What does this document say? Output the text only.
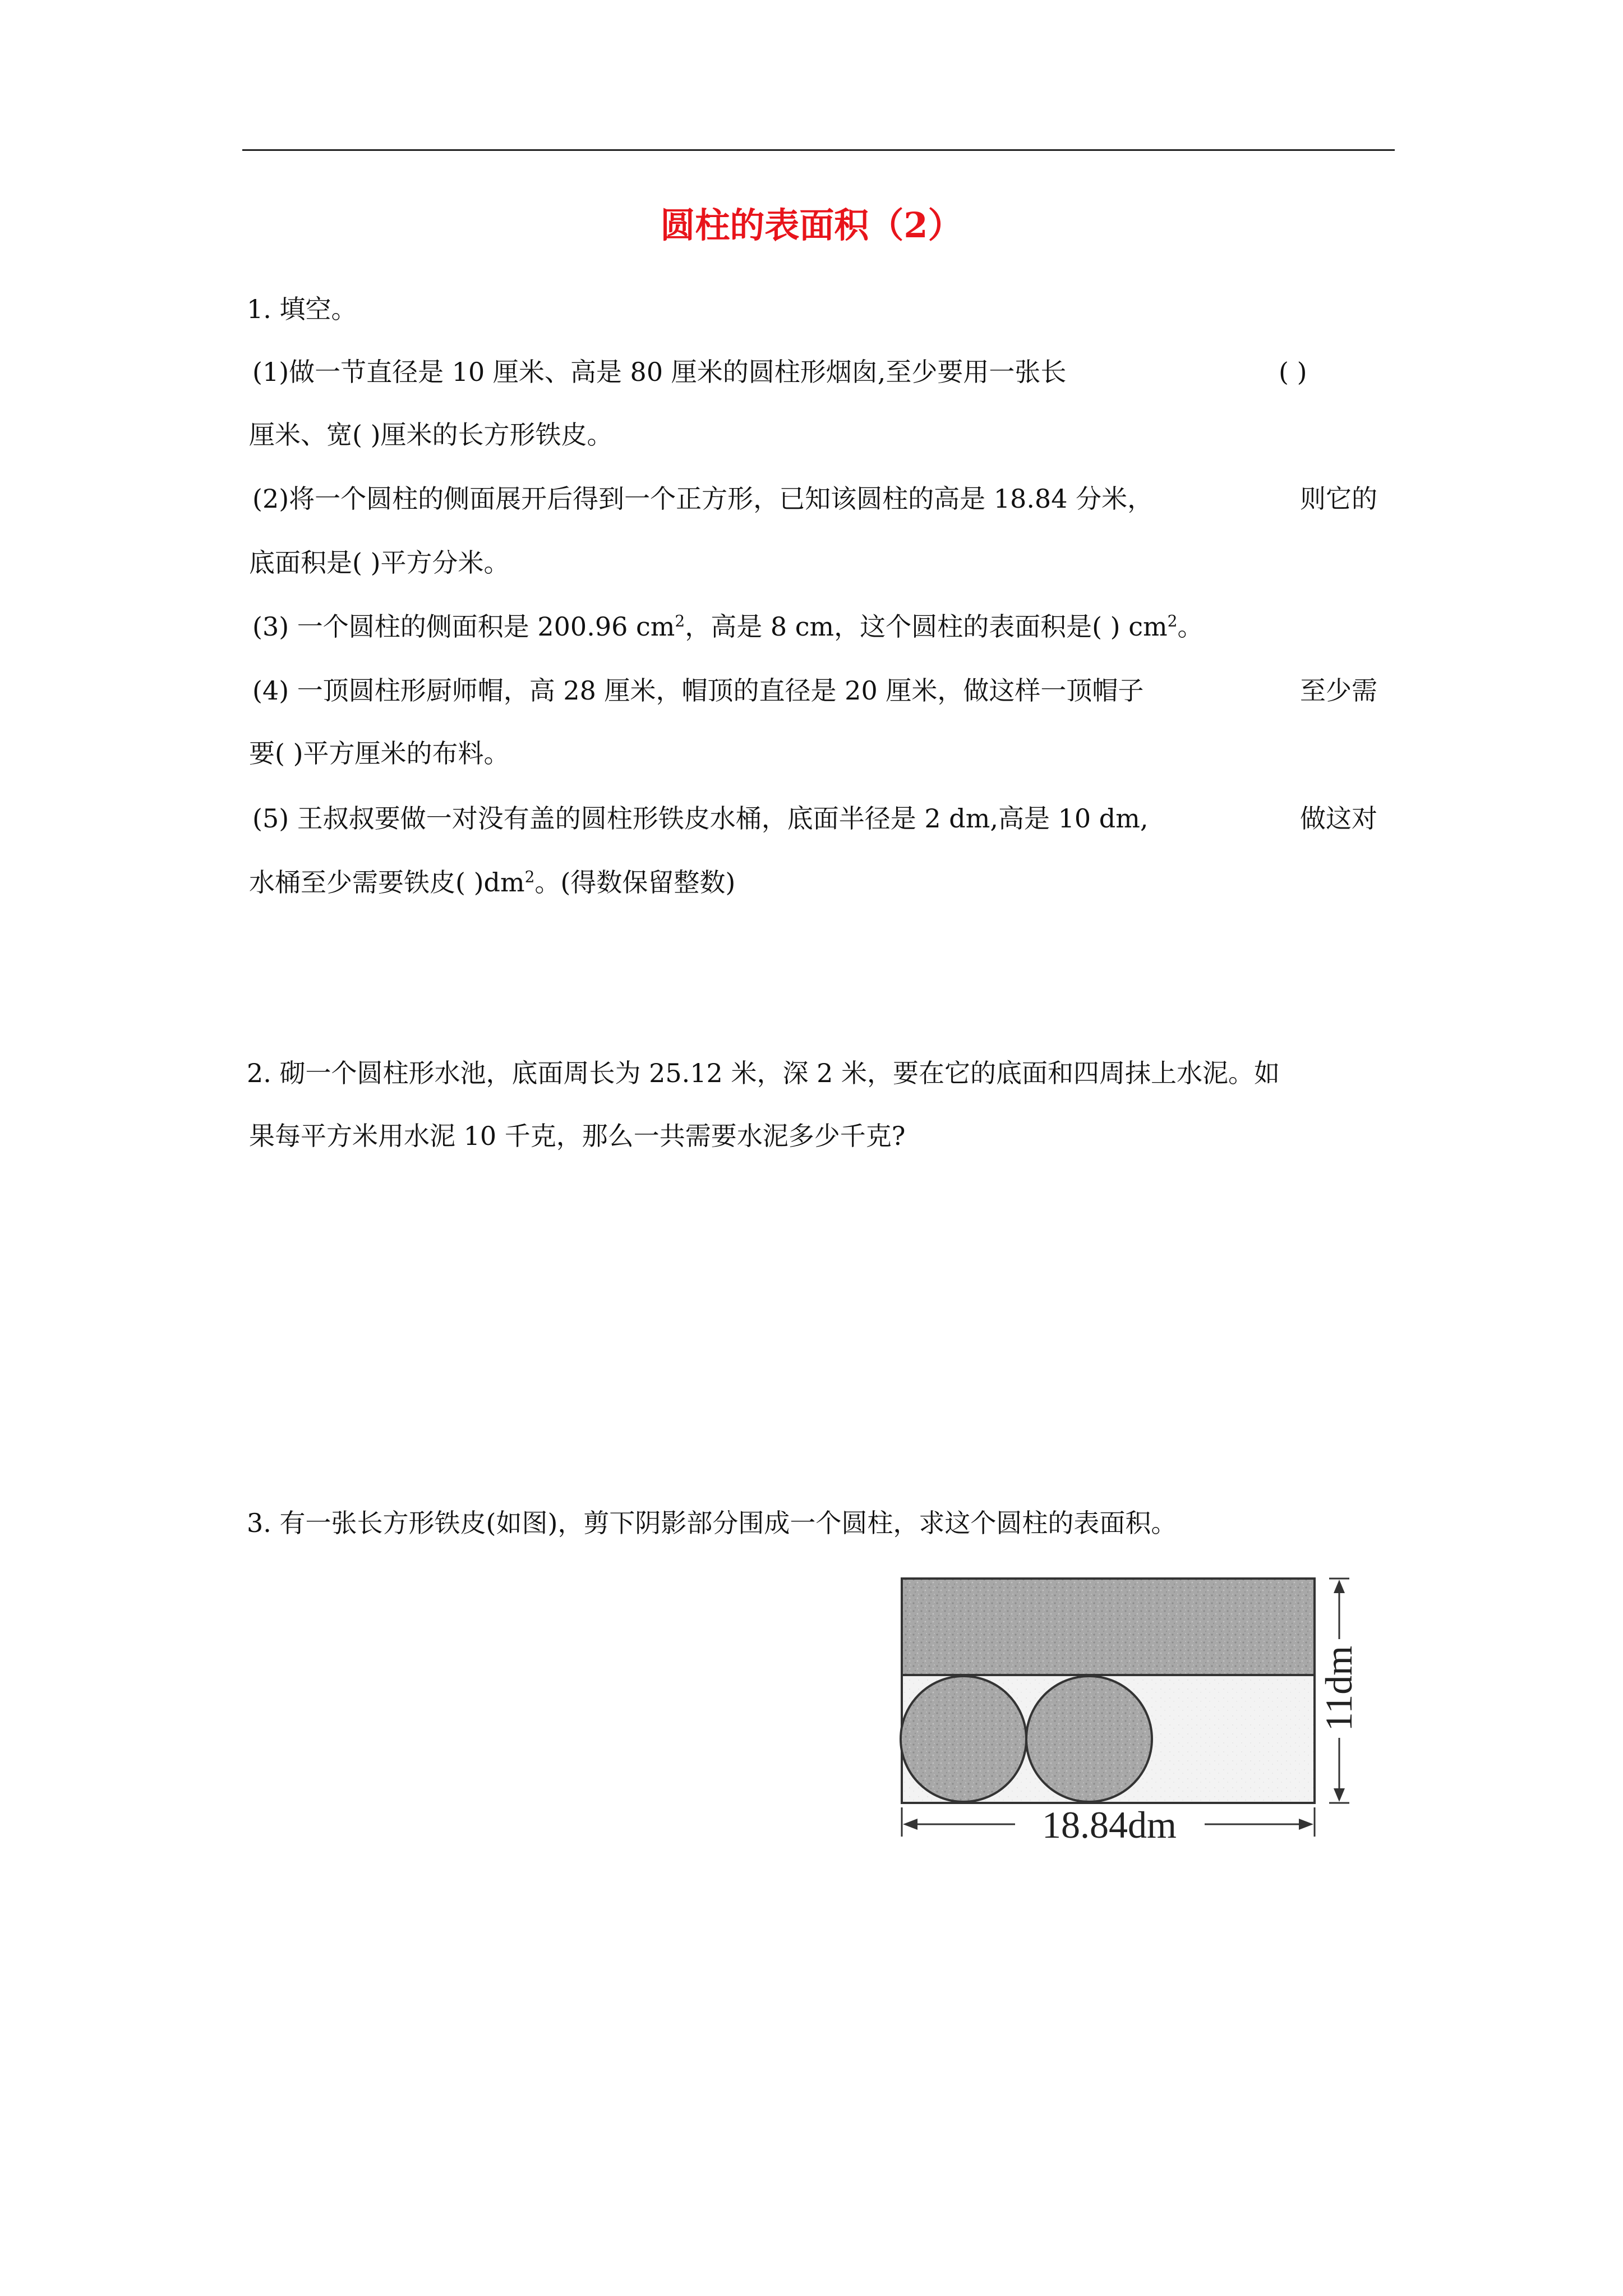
圆柱的表面积（2）
1. 填空。
(1)做一节直径是 10 厘米、高是 80 厘米的圆柱形烟囱,至少要用一张长	( )
厘米、宽( )厘米的长方形铁皮。
(2)将一个圆柱的侧面展开后得到一个正方形，已知该圆柱的高是 18.84 分米，	则它的
底面积是( )平方分米。
(3) 一个圆柱的侧面积是 200.96 $cm^2$，高是 8 cm，这个圆柱的表面积是( ) $cm^2$。
(4) 一顶圆柱形厨师帽，高 28 厘米，帽顶的直径是 20 厘米，做这样一顶帽子	至少需
要( )平方厘米的布料。
(5) 王叔叔要做一对没有盖的圆柱形铁皮水桶，底面半径是 2 dm,高是 10 dm,	做这对
水桶至少需要铁皮( )$dm^2$。(得数保留整数)
2. 砌一个圆柱形水池，底面周长为 25.12 米，深 2 米，要在它的底面和四周抹上水泥。如
果每平方米用水泥 10 千克，那么一共需要水泥多少千克?
3. 有一张长方形铁皮(如图)，剪下阴影部分围成一个圆柱，求这个圆柱的表面积。
18.84dm
11dm
